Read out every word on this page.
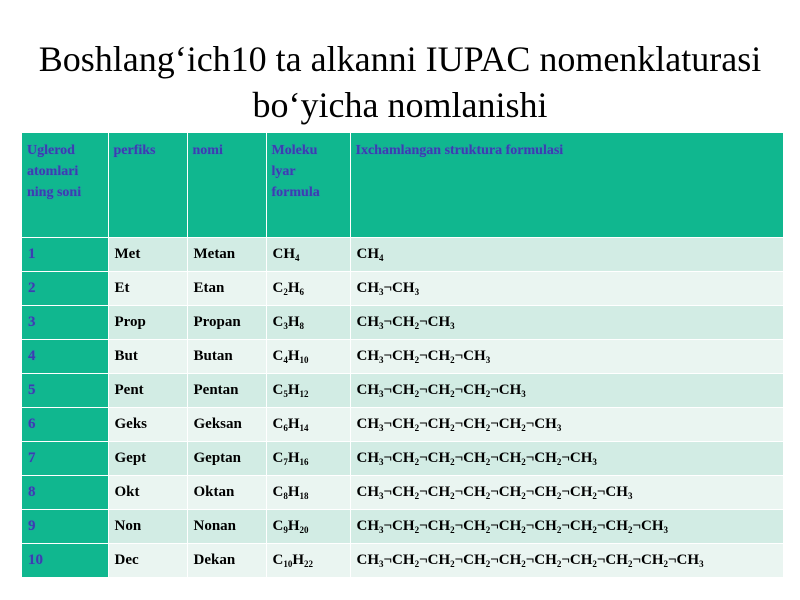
Boshlang‘ich10 ta alkanni IUPAC nomenklaturasi bo‘yicha nomlanishi
Uglerod atomlari ning soni	perfiks	nomi	Moleku lyar formula	Ixchamlangan struktura formulasi
1	Met	Metan	$CH_4$	$CH_4$
2	Et	Etan	$C_2H_6$	$CH_3\neg CH_3$
3	Prop	Propan	$C_3H_8$	$CH_3\neg CH_2\neg CH_3$
4	But	Butan	$C_4H_{10}$	$CH_3\neg CH_2\neg CH_2\neg CH_3$
5	Pent	Pentan	$C_5H_{12}$	$CH_3\neg CH_2\neg CH_2\neg CH_2\neg CH_3$
6	Geks	Geksan	$C_6H_{14}$	$CH_3\neg CH_2\neg CH_2\neg CH_2\neg CH_2\neg CH_3$
7	Gept	Geptan	$C_7H_{16}$	$CH_3\neg CH_2\neg CH_2\neg CH_2\neg CH_2\neg CH_2\neg CH_3$
8	Okt	Oktan	$C_8H_{18}$	$CH_3\neg CH_2\neg CH_2\neg CH_2\neg CH_2\neg CH_2\neg CH_2\neg CH_3$
9	Non	Nonan	$C_9H_{20}$	$CH_3\neg CH_2\neg CH_2\neg CH_2\neg CH_2\neg CH_2\neg CH_2\neg CH_2\neg CH_3$
10	Dec	Dekan	$C_{10}H_{22}$	$CH_3\neg CH_2\neg CH_2\neg CH_2\neg CH_2\neg CH_2\neg CH_2\neg CH_2\neg CH_2\neg CH_3$
